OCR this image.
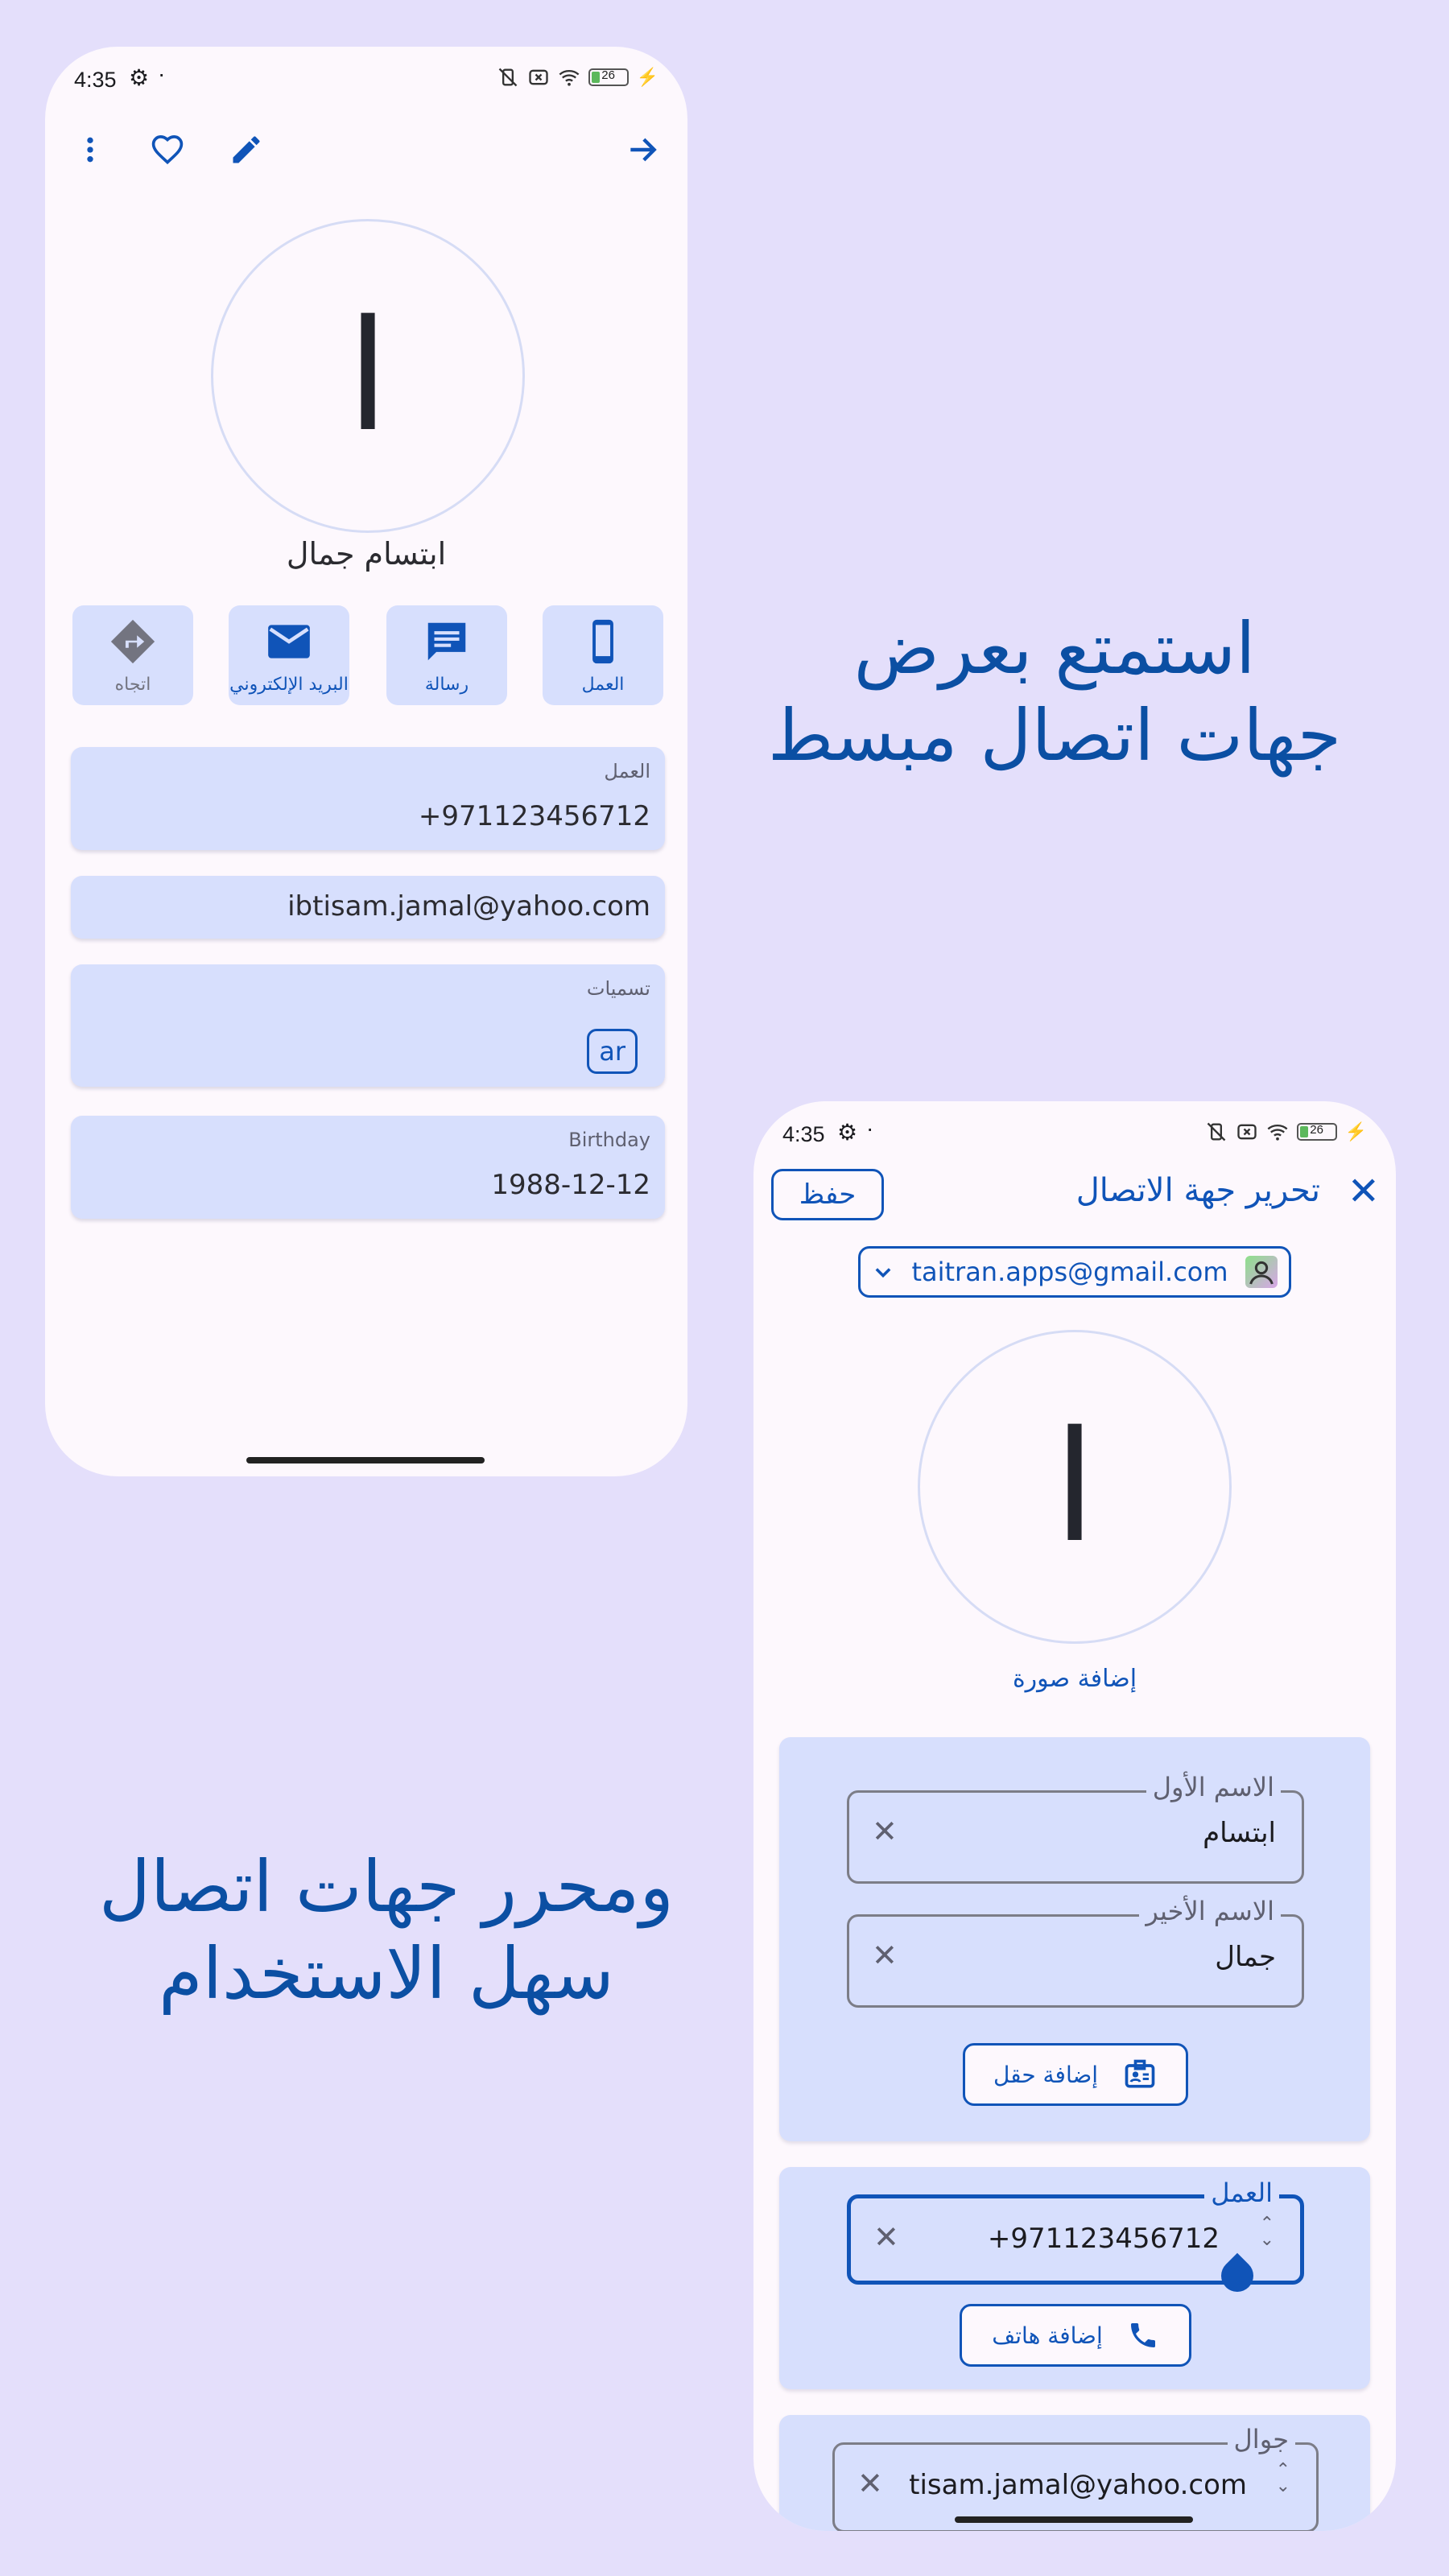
4:35 ⚙ ·	26	⚡
ا
ابتسام جمال
العمل
رسالة
البريد الإلكتروني
اتجاه
العمل
971123456712+
ibtisam.jamal@yahoo.com
تسميات
ar
Birthday
1988-12-12
استمتع بعرض
جهات اتصال مبسط
ومحرر جهات اتصال
سهل الاستخدام
4:35 ⚙ ·	26	⚡
✕
تحرير جهة الاتصال
حفظ
taitran.apps@gmail.com
ا
إضافة صورة
الاسم الأول
ابتسام
✕
الاسم الأخير
جمال
✕
إضافة حقل
العمل
971123456712+
✕	⌃
⌄
إضافة هاتف
جوال
tisam.jamal@yahoo.com
✕	⌃
⌄
